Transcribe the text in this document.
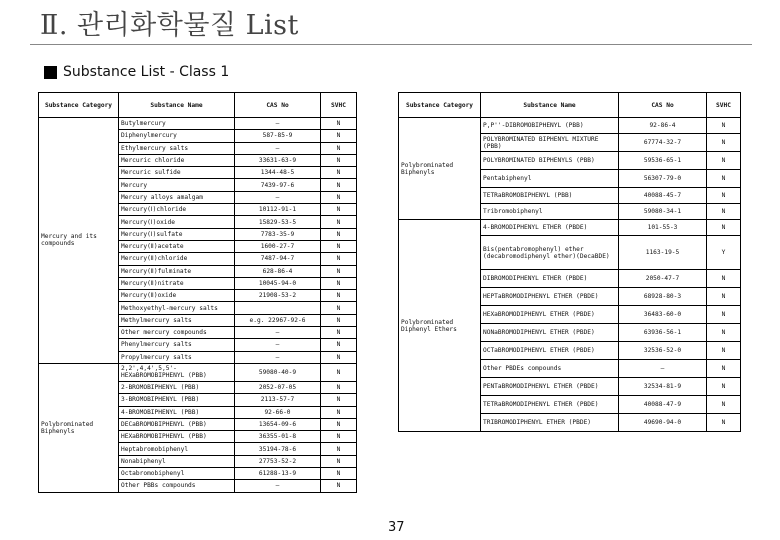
Ⅱ. 관리화학물질 List
Substance List - Class 1
Substance Category	Substance Name	CAS No	SVHC
Mercury and its compounds	Butylmercury	–	N
	Diphenylmercury	587-85-9	N
	Ethylmercury salts	–	N
	Mercuric chloride	33631-63-9	N
	Mercuric sulfide	1344-48-5	N
	Mercury	7439-97-6	N
	Mercury alloys amalgam	–	N
	Mercury(Ⅰ)chloride	10112-91-1	N
	Mercury(Ⅰ)oxide	15829-53-5	N
	Mercury(Ⅰ)sulfate	7783-35-9	N
	Mercury(Ⅱ)acetate	1600-27-7	N
	Mercury(Ⅱ)chloride	7487-94-7	N
	Mercury(Ⅱ)fulminate	628-86-4	N
	Mercury(Ⅱ)nitrate	10045-94-0	N
	Mercury(Ⅱ)oxide	21908-53-2	N
	Methoxyethyl-mercury salts		N
	Methylmercury salts	e.g. 22967-92-6	N
	Other mercury compounds	–	N
	Phenylmercury salts	–	N
	Propylmercury salts	–	N
Polybrominated Biphenyls	2,2',4,4',5,5'-HEXaBROMOBIPHENYL (PBB)	59080-40-9	N
	2-BROMOBIPHENYL (PBB)	2052-07-05	N
	3-BROMOBIPHENYL (PBB)	2113-57-7	N
	4-BROMOBIPHENYL (PBB)	92-66-0	N
	DECaBROMOBIPHENYL (PBB)	13654-09-6	N
	HEXaBROMOBIPHENYL (PBB)	36355-01-8	N
	Heptabromobiphenyl	35194-78-6	N
	Nonabiphenyl	27753-52-2	N
	Octabromobiphenyl	61288-13-9	N
	Other PBBs compounds	–	N
Substance Category	Substance Name	CAS No	SVHC
Polybrominated Biphenyls	P,P''-DIBROMOBIPHENYL (PBB)	92-86-4	N
	POLYBROMINATED BIPHENYL MIXTURE (PBB)	67774-32-7	N
	POLYBROMINATED BIPHENYLS (PBB)	59536-65-1	N
	Pentabiphenyl	56307-79-0	N
	TETRaBROMOBIPHENYL (PBB)	40088-45-7	N
	Tribromobiphenyl	59080-34-1	N
Polybrominated Diphenyl Ethers	4-BROMODIPHENYL ETHER (PBDE)	101-55-3	N
	Bis(pentabromophenyl) ether (decabromodiphenyl ether)(DecaBDE)	1163-19-5	Y
	DIBROMODIPHENYL ETHER (PBDE)	2050-47-7	N
	HEPTaBROMODIPHENYL ETHER (PBDE)	68928-80-3	N
	HEXaBROMODIPHENYL ETHER (PBDE)	36483-60-0	N
	NONaBROMODIPHENYL ETHER (PBDE)	63936-56-1	N
	OCTaBROMODIPHENYL ETHER (PBDE)	32536-52-0	N
	Other PBDEs compounds	–	N
	PENTaBROMODIPHENYL ETHER (PBDE)	32534-81-9	N
	TETRaBROMODIPHENYL ETHER (PBDE)	40088-47-9	N
	TRIBROMODIPHENYL ETHER (PBDE)	49690-94-0	N
37
